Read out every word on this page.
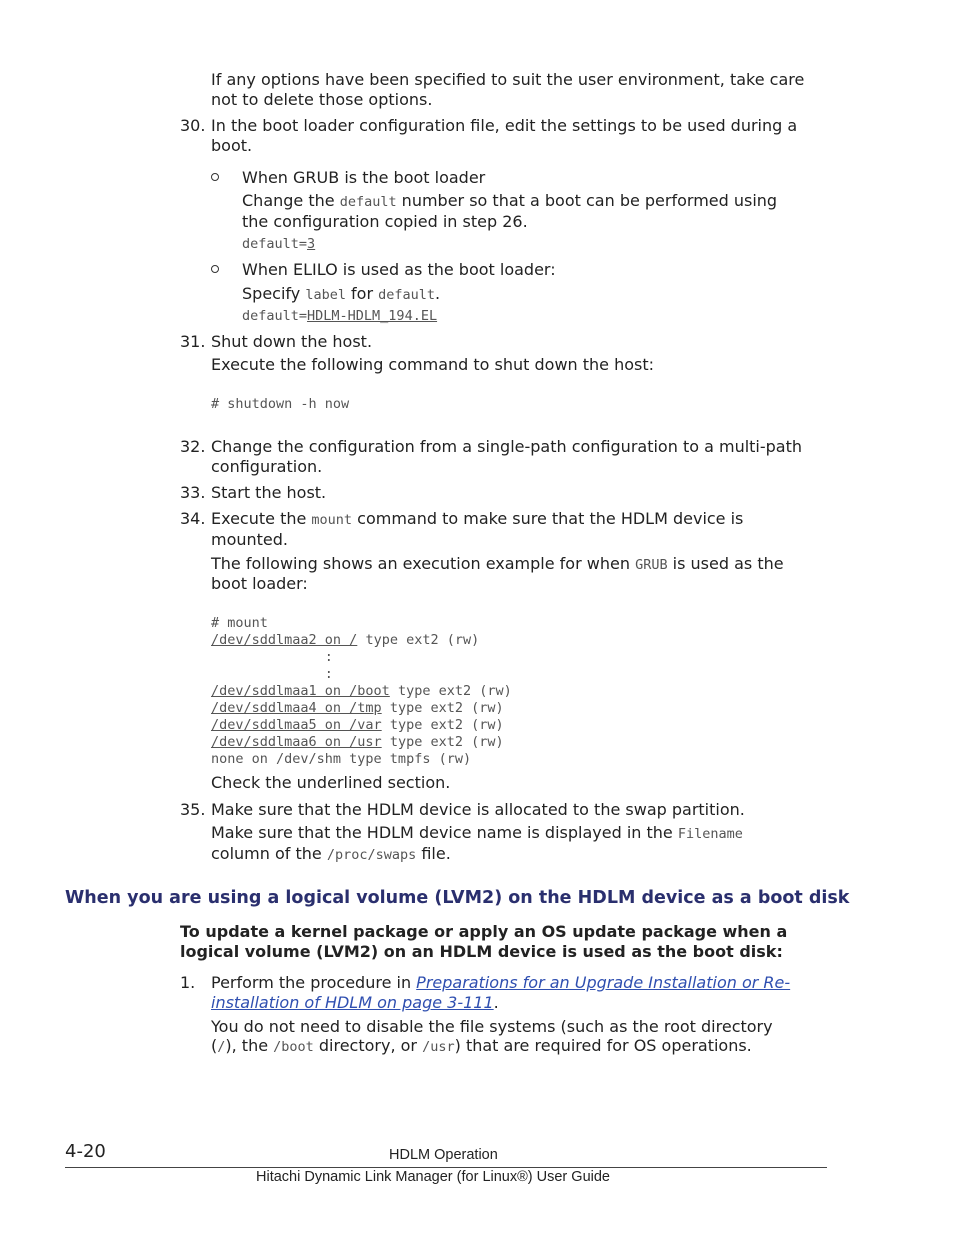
If any options have been specified to suit the user environment, take care
not to delete those options.
30. In the boot loader configuration file, edit the settings to be used during a
boot.
When GRUB is the boot loader
Change the default number so that a boot can be performed using
the configuration copied in step 26.
default=3
When ELILO is used as the boot loader:
Specify label for default.
default=HDLM-HDLM_194.EL
31. Shut down the host.
Execute the following command to shut down the host:
# shutdown -h now
32. Change the configuration from a single-path configuration to a multi-path
configuration.
33. Start the host.
34. Execute the mount command to make sure that the HDLM device is
mounted.
The following shows an execution example for when GRUB is used as the
boot loader:
# mount
/dev/sddlmaa2 on / type ext2 (rw)
:
:
/dev/sddlmaa1 on /boot type ext2 (rw)
/dev/sddlmaa4 on /tmp type ext2 (rw)
/dev/sddlmaa5 on /var type ext2 (rw)
/dev/sddlmaa6 on /usr type ext2 (rw)
none on /dev/shm type tmpfs (rw)
Check the underlined section.
35. Make sure that the HDLM device is allocated to the swap partition.
Make sure that the HDLM device name is displayed in the Filename
column of the /proc/swaps file.
When you are using a logical volume (LVM2) on the HDLM device as a boot disk
To update a kernel package or apply an OS update package when a
logical volume (LVM2) on an HDLM device is used as the boot disk:
1. Perform the procedure in Preparations for an Upgrade Installation or Re-
installation of HDLM on page 3-111.
You do not need to disable the file systems (such as the root directory
(/), the /boot directory, or /usr) that are required for OS operations.
4-20	HDLM Operation
Hitachi Dynamic Link Manager (for Linux®) User Guide
